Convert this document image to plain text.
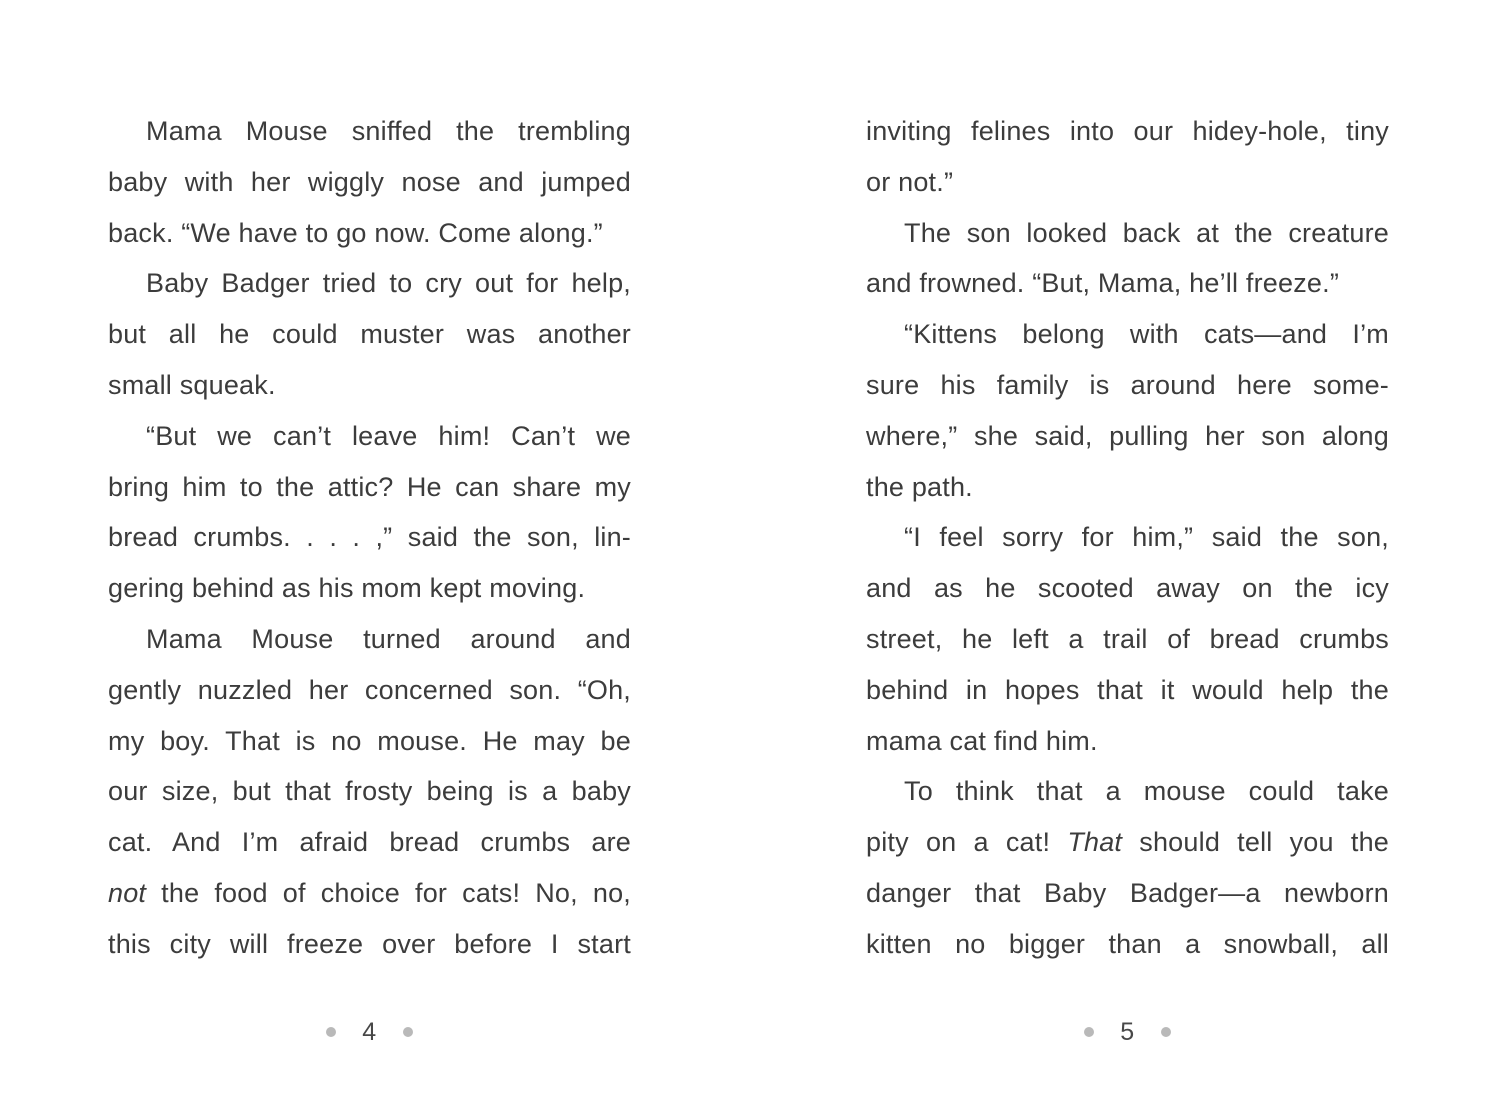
Mama Mouse sniffed the trembling
baby with her wiggly nose and jumped
back. “We have to go now. Come along.”
Baby Badger tried to cry out for help,
but all he could muster was another
small squeak.
“But we can’t leave him! Can’t we
bring him to the attic? He can share my
bread crumbs. . . . ,” said the son, lin-
gering behind as his mom kept moving.
Mama Mouse turned around and
gently nuzzled her concerned son. “Oh,
my boy. That is no mouse. He may be
our size, but that frosty being is a baby
cat. And I’m afraid bread crumbs are
not the food of choice for cats! No, no,
this city will freeze over before I start
4
inviting felines into our hidey-hole, tiny
or not.”
The son looked back at the creature
and frowned. “But, Mama, he’ll freeze.”
“Kittens belong with cats—and I’m
sure his family is around here some-
where,” she said, pulling her son along
the path.
“I feel sorry for him,” said the son,
and as he scooted away on the icy
street, he left a trail of bread crumbs
behind in hopes that it would help the
mama cat find him.
To think that a mouse could take
pity on a cat! That should tell you the
danger that Baby Badger—a newborn
kitten no bigger than a snowball, all
5
